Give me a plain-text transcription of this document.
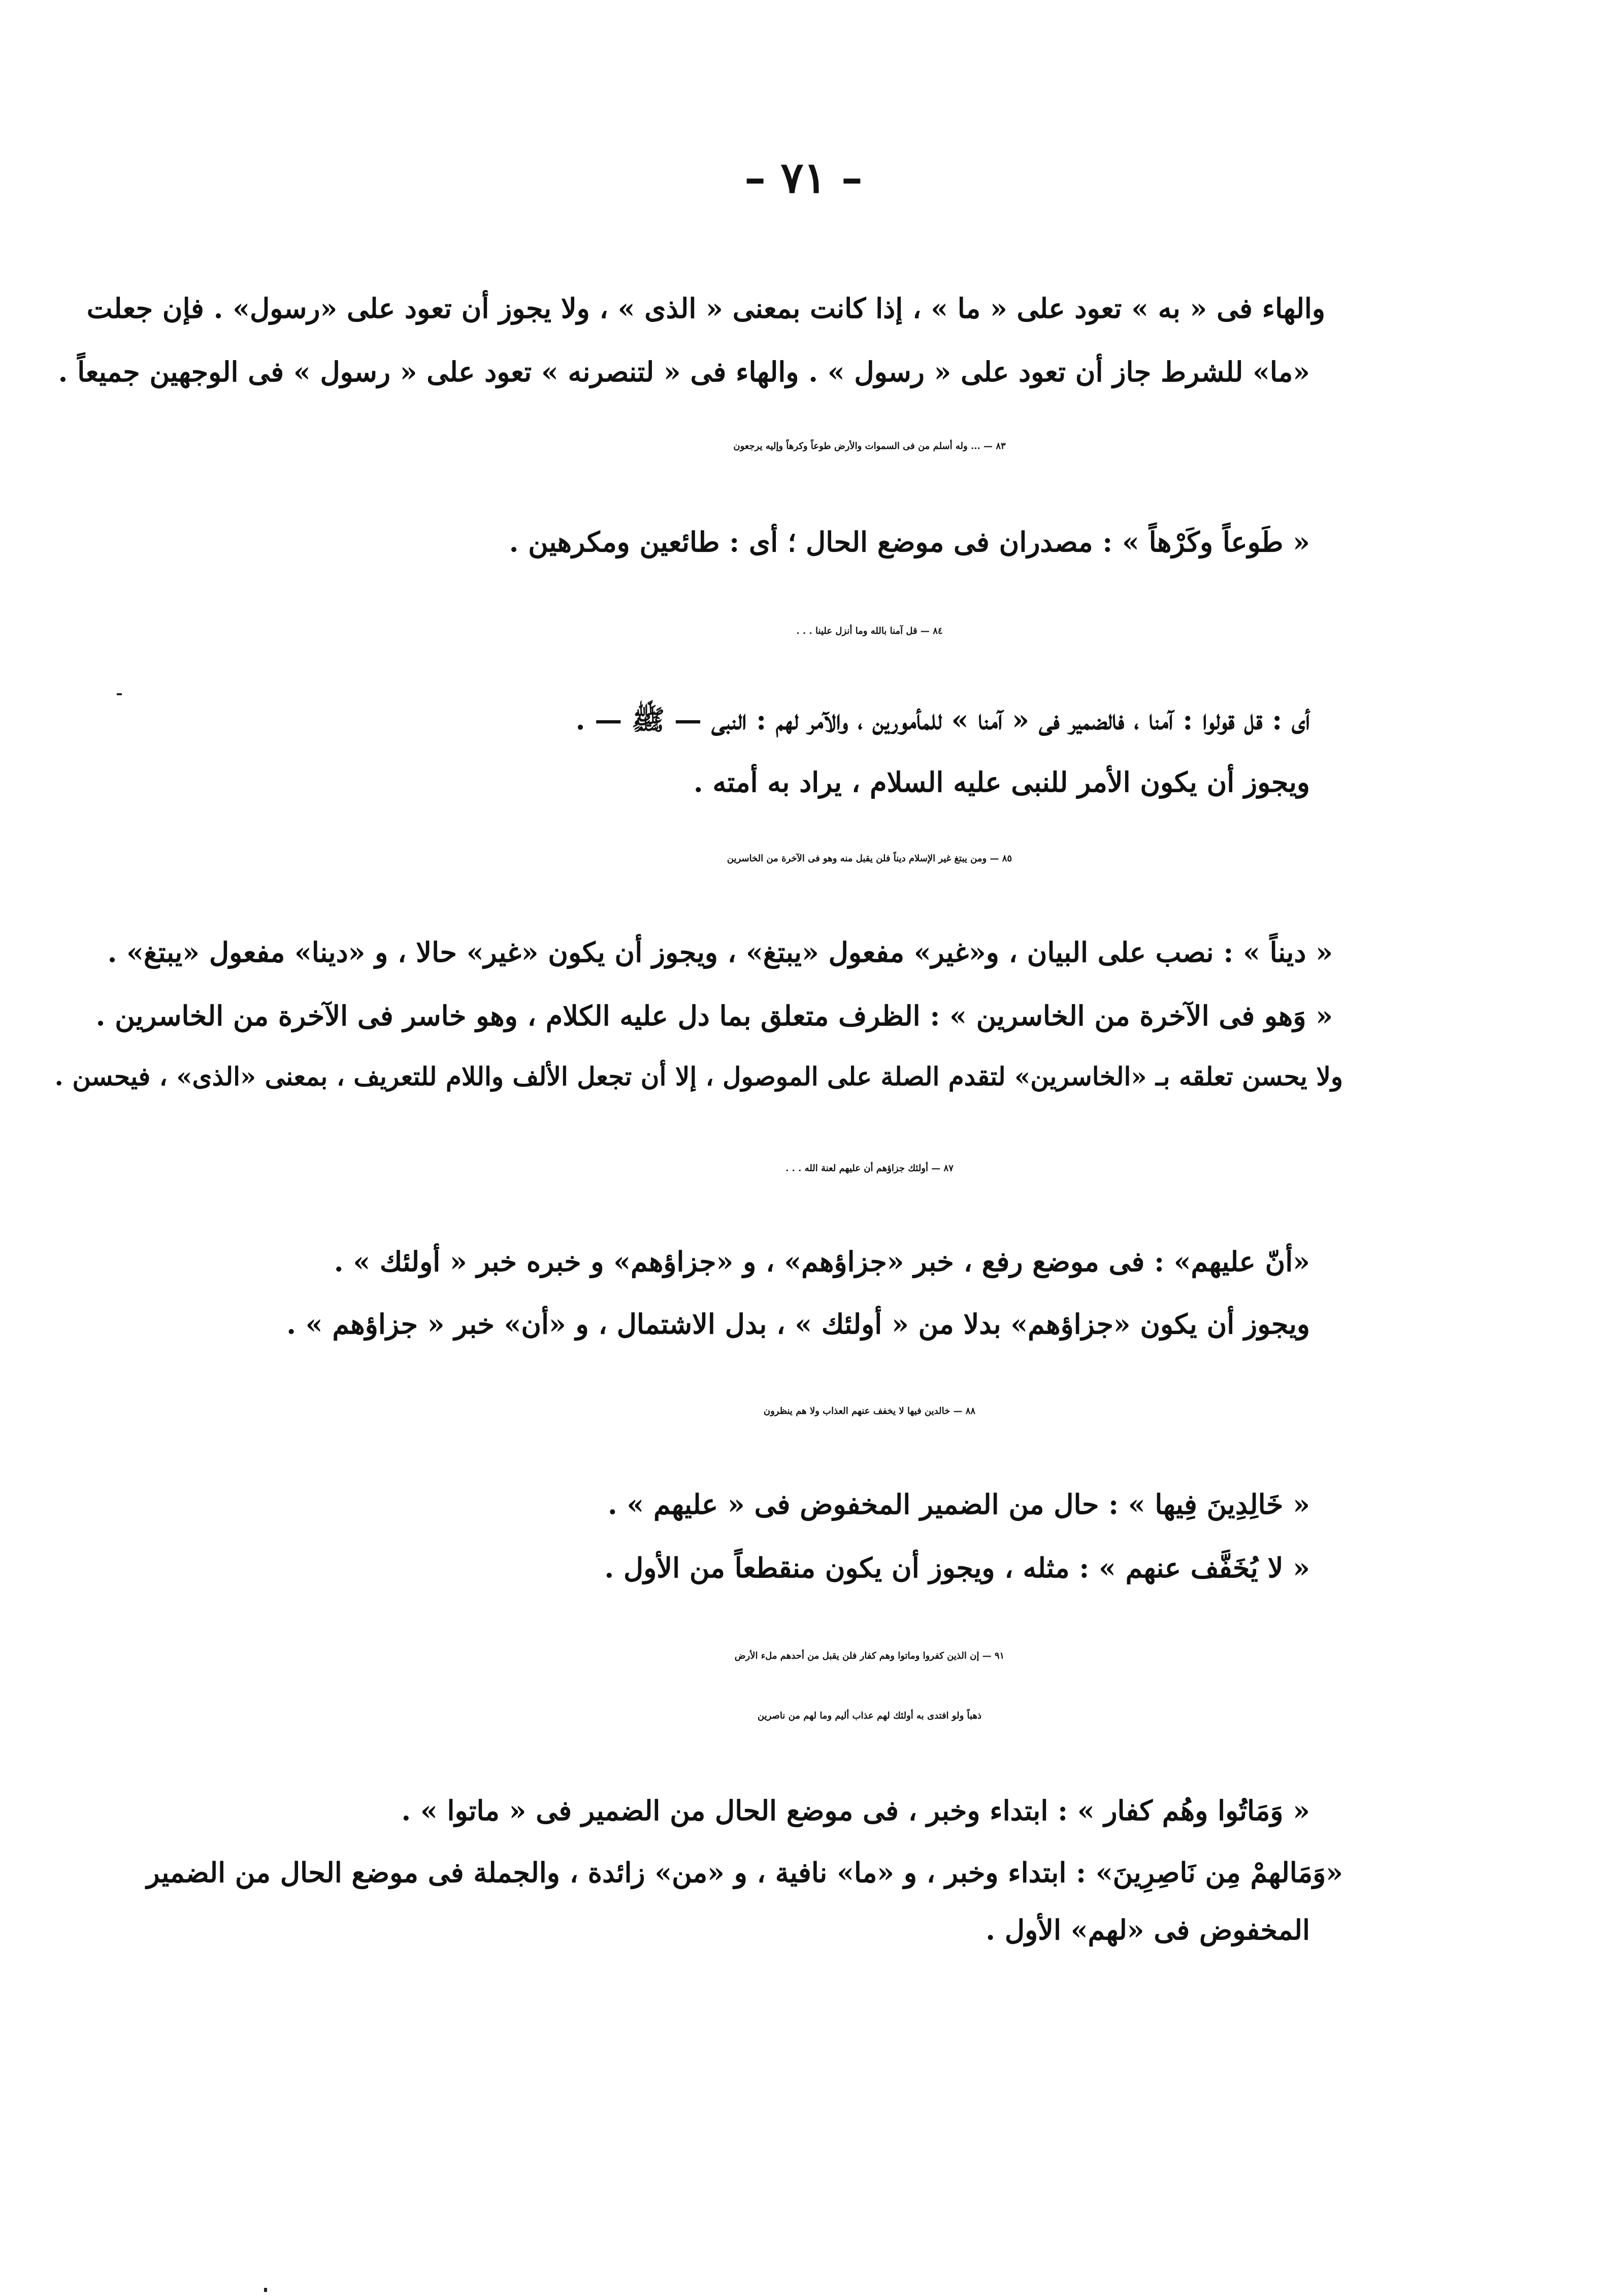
– ٧١ –
والهاء فى « به » تعود على « ما » ، إذا كانت بمعنى « الذى » ، ولا يجوز أن تعود على «رسول» . فإن جعلت
«ما» للشرط جاز أن تعود على « رسول » . والهاء فى « لتنصرنه » تعود على « رسول » فى الوجهين جميعاً .
٨٣ — ... وله أسلم من فى السموات والأرض طوعاً وكرهاً وإليه يرجعون
« طَوعاً وكَرْهاً » : مصدران فى موضع الحال ؛ أى : طائعين ومكرهين .
٨٤ — قل آمنا بالله وما أنزل علينا . . .
أى : قل قولوا : آمنا ، فالضمير فى « آمنا » للمأمورين ، والآمر لهم : النبى — ﷺ — .
ويجوز أن يكون الأمر للنبى عليه السلام ، يراد به أمته .
٨٥ — ومن يبتغ غير الإسلام ديناً فلن يقبل منه وهو فى الآخرة من الخاسرين
« ديناً » : نصب على البيان ، و«غير» مفعول «يبتغ» ، ويجوز أن يكون «غير» حالا ، و «دينا» مفعول «يبتغ» .
« وَهو فى الآخرة من الخاسرين » : الظرف متعلق بما دل عليه الكلام ، وهو خاسر فى الآخرة من الخاسرين .
ولا يحسن تعلقه بـ «الخاسرين» لتقدم الصلة على الموصول ، إلا أن تجعل الألف واللام للتعريف ، بمعنى «الذى» ، فيحسن .
٨٧ — أولئك جزاؤهم أن عليهم لعنة الله . . .
«أنّ عليهم» : فى موضع رفع ، خبر «جزاؤهم» ، و «جزاؤهم» و خبره خبر « أولئك » .
ويجوز أن يكون «جزاؤهم» بدلا من « أولئك » ، بدل الاشتمال ، و «أن» خبر « جزاؤهم » .
٨٨ — خالدين فيها لا يخفف عنهم العذاب ولا هم ينظرون
« خَالِدِينَ فِيها » : حال من الضمير المخفوض فى « عليهم » .
« لا يُخَفَّف عنهم » : مثله ، ويجوز أن يكون منقطعاً من الأول .
٩١ — إن الذين كفروا وماتوا وهم كفار فلن يقبل من أحدهم ملء الأرض
ذهباً ولو افتدى به أولئك لهم عذاب أليم وما لهم من ناصرين
« وَمَاتُوا وهُم كفار » : ابتداء وخبر ، فى موضع الحال من الضمير فى « ماتوا » .
«وَمَالهمْ مِن نَاصِرِينَ» : ابتداء وخبر ، و «ما» نافية ، و «من» زائدة ، والجملة فى موضع الحال من الضمير
المخفوض فى «لهم» الأول .
